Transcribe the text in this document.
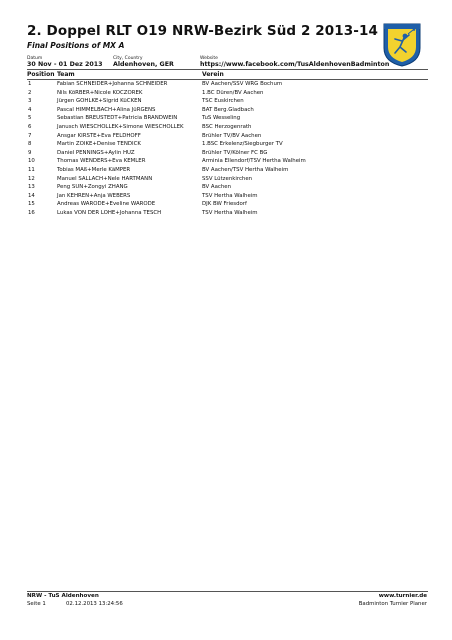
2. Doppel RLT O19 NRW-Bezirk Süd 2 2013-14
Final Positions of MX A
Datum	City, Country	Website
30 Nov - 01 Dez 2013 Aldenhoven, GER	https://www.facebook.com/TusAldenhovenBadminton
Position Team	Verein
1	Fabian SCHNEIDER+Johanna SCHNEIDER	BV Aachen/SSV WRG Bochum
2	Nils KöRBER+Nicole KOCZOREK	1.BC Düren/BV Aachen
3	Jürgen GOHLKE+Sigrid KüCKEN	TSC Euskirchen
4	Pascal HIMMELBACH+Alina JüRGENS	BAT Berg.Gladbach
5	Sebastian BREUSTEDT+Patricia BRANDWEIN	TuS Wesseling
6	Janusch WIESCHOLLEK+Simone WIESCHOLLEK	BSC Herzogenrath
7	Ansgar KIRSTE+Eva FELDHOFF	Brühler TV/BV Aachen
8	Martin ZOIKE+Denise TENDICK	1.BSC Erkelenz/Siegburger TV
9	Daniel PENNINGS+Aylin HUZ	Brühler TV/Kölner FC BG
10	Thomas WENDERS+Eva KEMLER	Arminia Ellendorf/TSV Hertha Walheim
11	Tobias MAß+Merle KäMPER	BV Aachen/TSV Hertha Walheim
12	Manuel SALLACH+Nele HARTMANN	SSV Lützenkirchen
13	Peng SUN+Zongyi ZHANG	BV Aachen
14	Jan KEHREN+Anja WEBERS	TSV Hertha Walheim
15	Andreas WARODE+Eveline WARODE	DJK BW Friesdorf
16	Lukas VON DER LOHE+Johanna TESCH	TSV Hertha Walheim
NRW - TuS Aldenhoven	www.turnier.de
Seite 1	02.12.2013 13:24:56	Badminton Turnier Planer
